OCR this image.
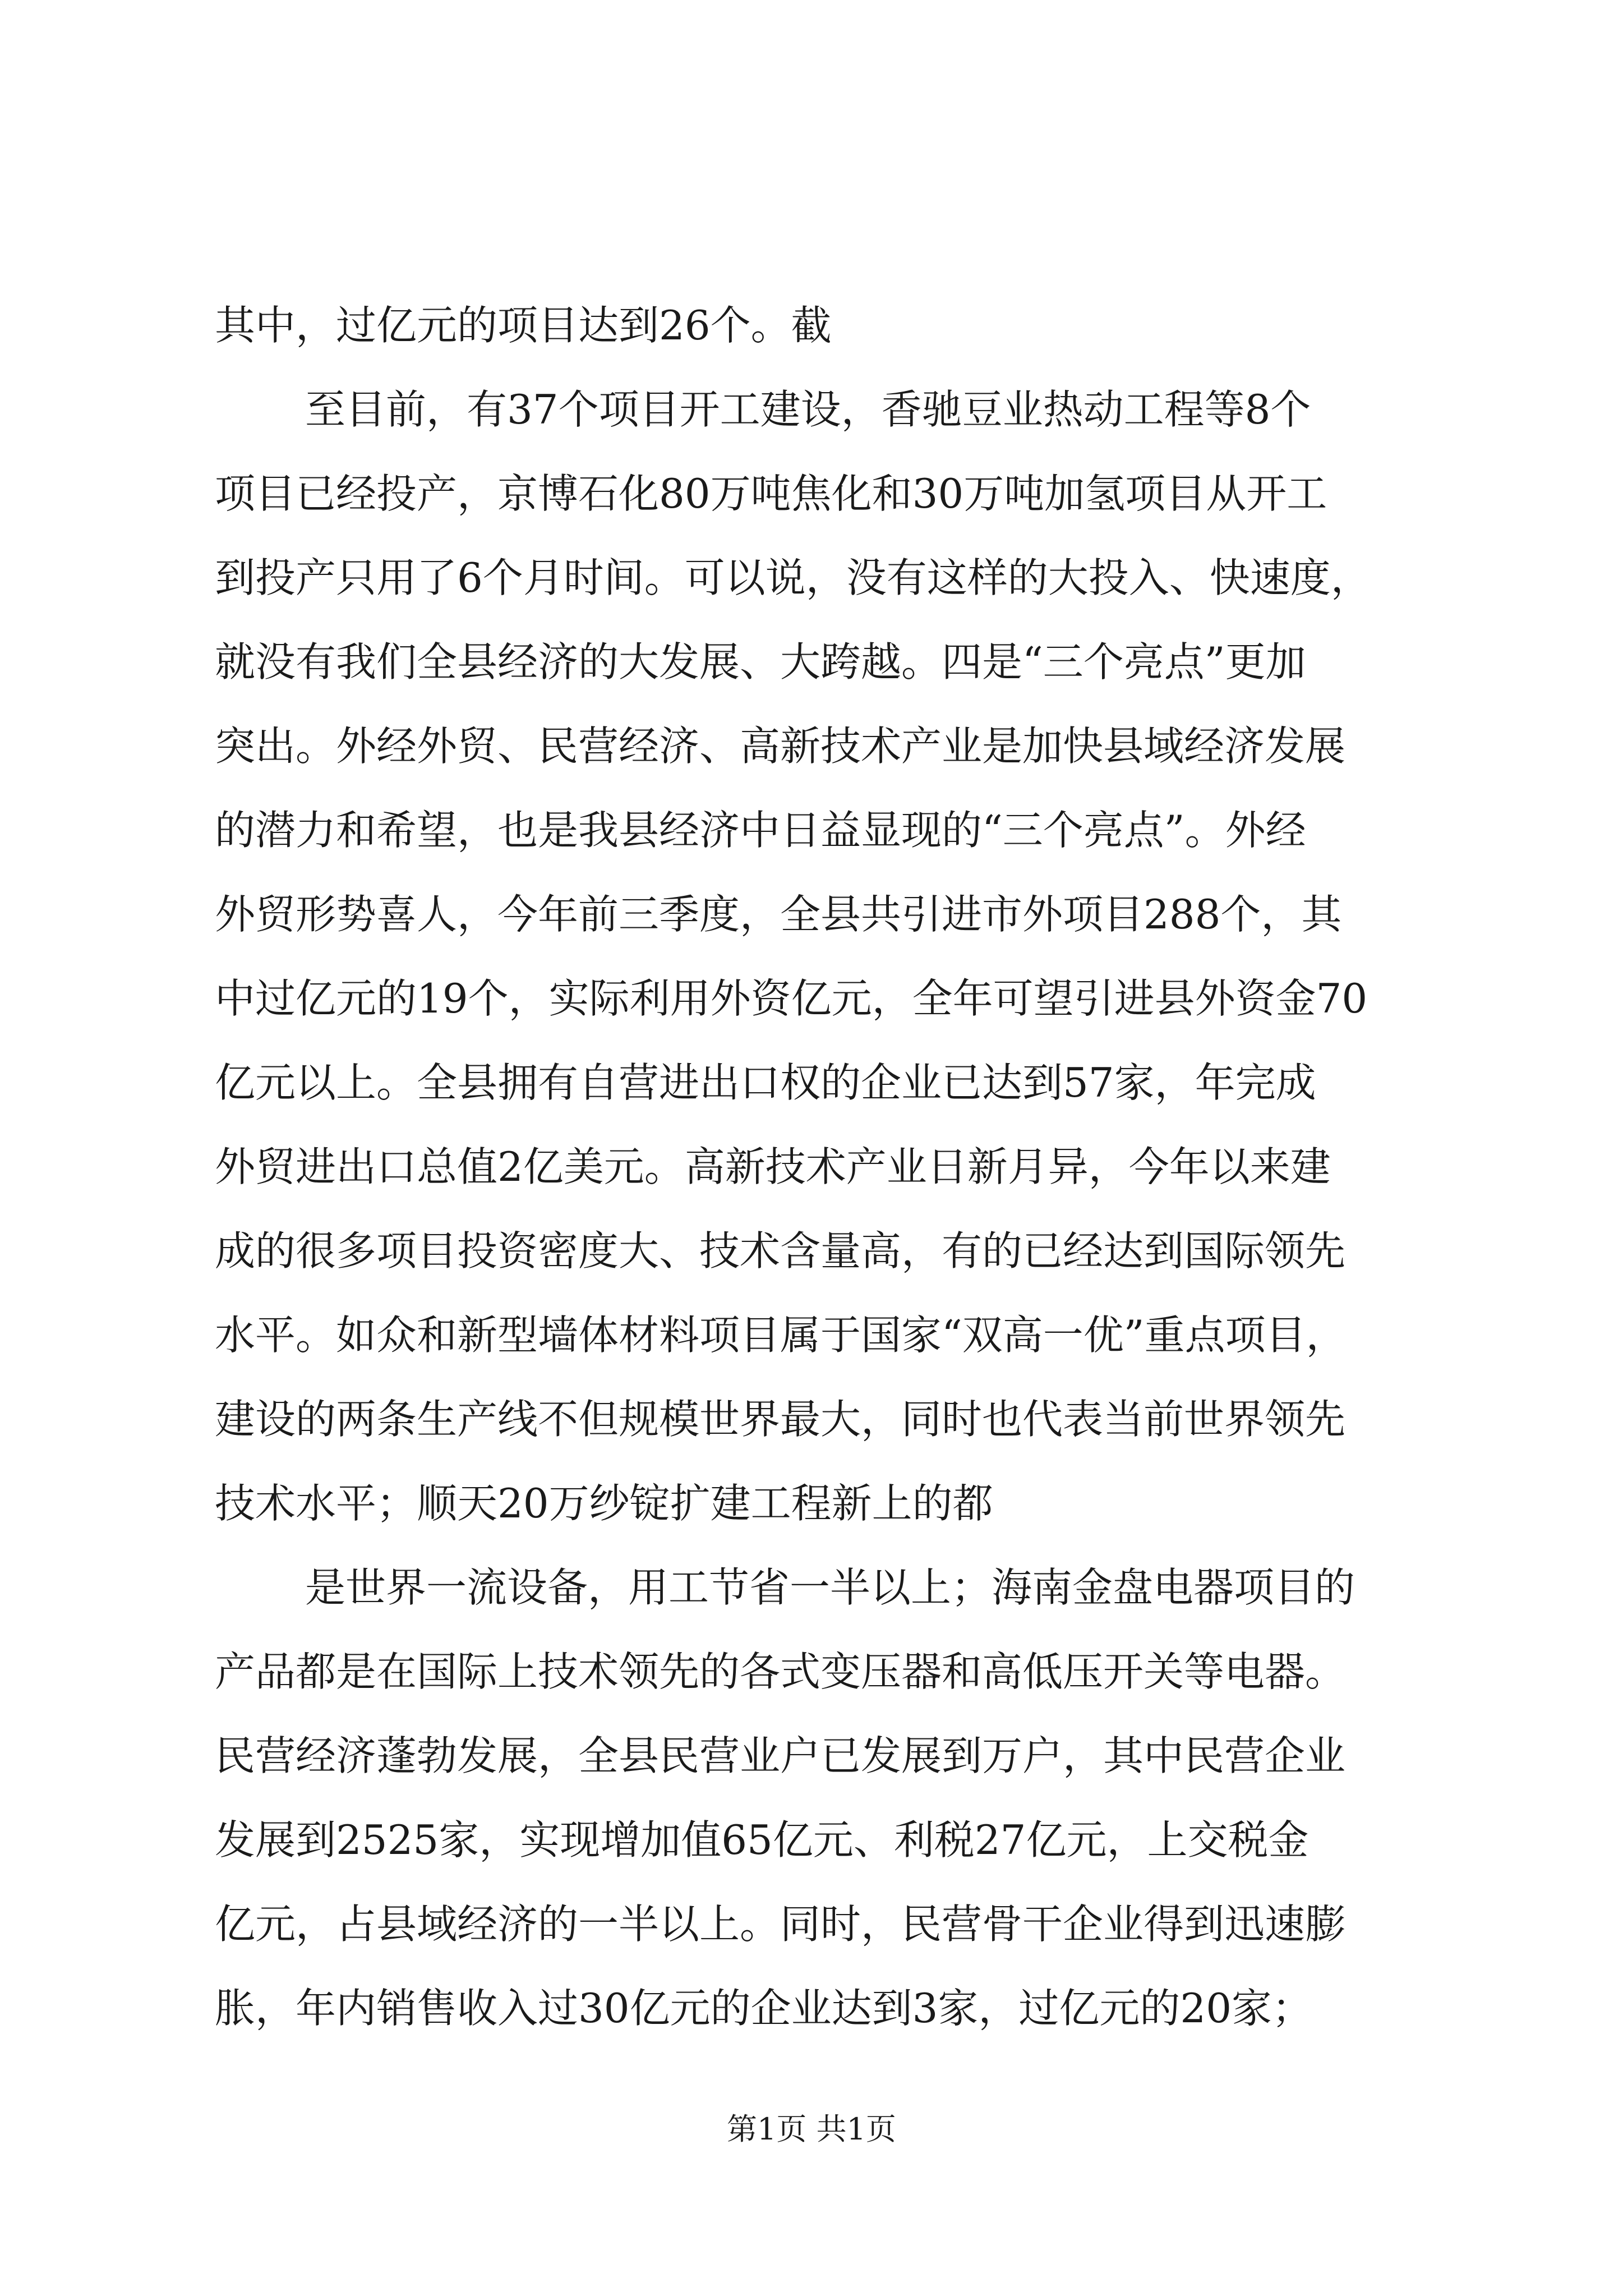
其中，过亿元的项目达到26个。截
至目前，有37个项目开工建设，香驰豆业热动工程等8个
项目已经投产，京博石化80万吨焦化和30万吨加氢项目从开工
到投产只用了6个月时间。可以说，没有这样的大投入、快速度，
就没有我们全县经济的大发展、大跨越。四是“三个亮点”更加
突出。外经外贸、民营经济、高新技术产业是加快县域经济发展
的潜力和希望，也是我县经济中日益显现的“三个亮点”。外经
外贸形势喜人，今年前三季度，全县共引进市外项目288个，其
中过亿元的19个，实际利用外资亿元，全年可望引进县外资金70
亿元以上。全县拥有自营进出口权的企业已达到57家，年完成
外贸进出口总值2亿美元。高新技术产业日新月异，今年以来建
成的很多项目投资密度大、技术含量高，有的已经达到国际领先
水平。如众和新型墙体材料项目属于国家“双高一优”重点项目，
建设的两条生产线不但规模世界最大，同时也代表当前世界领先
技术水平；顺天20万纱锭扩建工程新上的都
是世界一流设备，用工节省一半以上；海南金盘电器项目的
产品都是在国际上技术领先的各式变压器和高低压开关等电器。
民营经济蓬勃发展，全县民营业户已发展到万户，其中民营企业
发展到2525家，实现增加值65亿元、利税27亿元，上交税金
亿元，占县域经济的一半以上。同时，民营骨干企业得到迅速膨
胀，年内销售收入过30亿元的企业达到3家，过亿元的20家；
第1页 共1页
